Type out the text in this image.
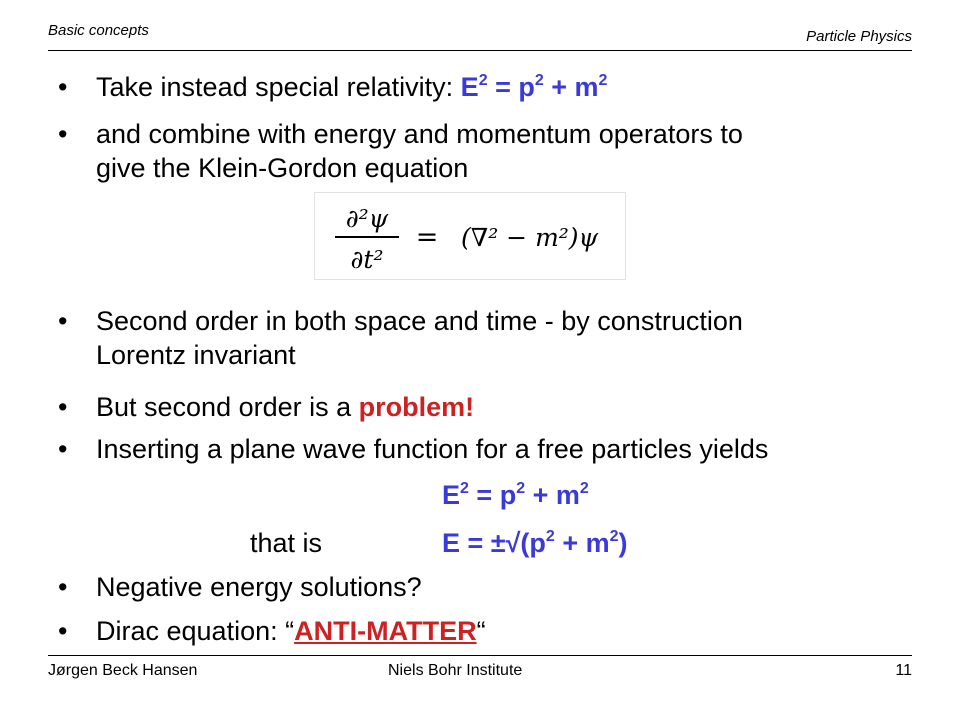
Basic concepts	Particle Physics
• Take instead special relativity: $E^2 = p^2 + m^2$
• and combine with energy and momentum operators to
give the Klein-Gordon equation
∂²ψ
∂t²
= (∇² − m²)ψ
• Second order in both space and time - by construction
Lorentz invariant
• But second order is a problem!
• Inserting a plane wave function for a free particles yields
$E^2 = p^2 + m^2$
that is	$E = \pm√(p^2 + m^2)$
• Negative energy solutions?
• Dirac equation: “ANTI-MATTER“
Jørgen Beck Hansen	Niels Bohr Institute	11
